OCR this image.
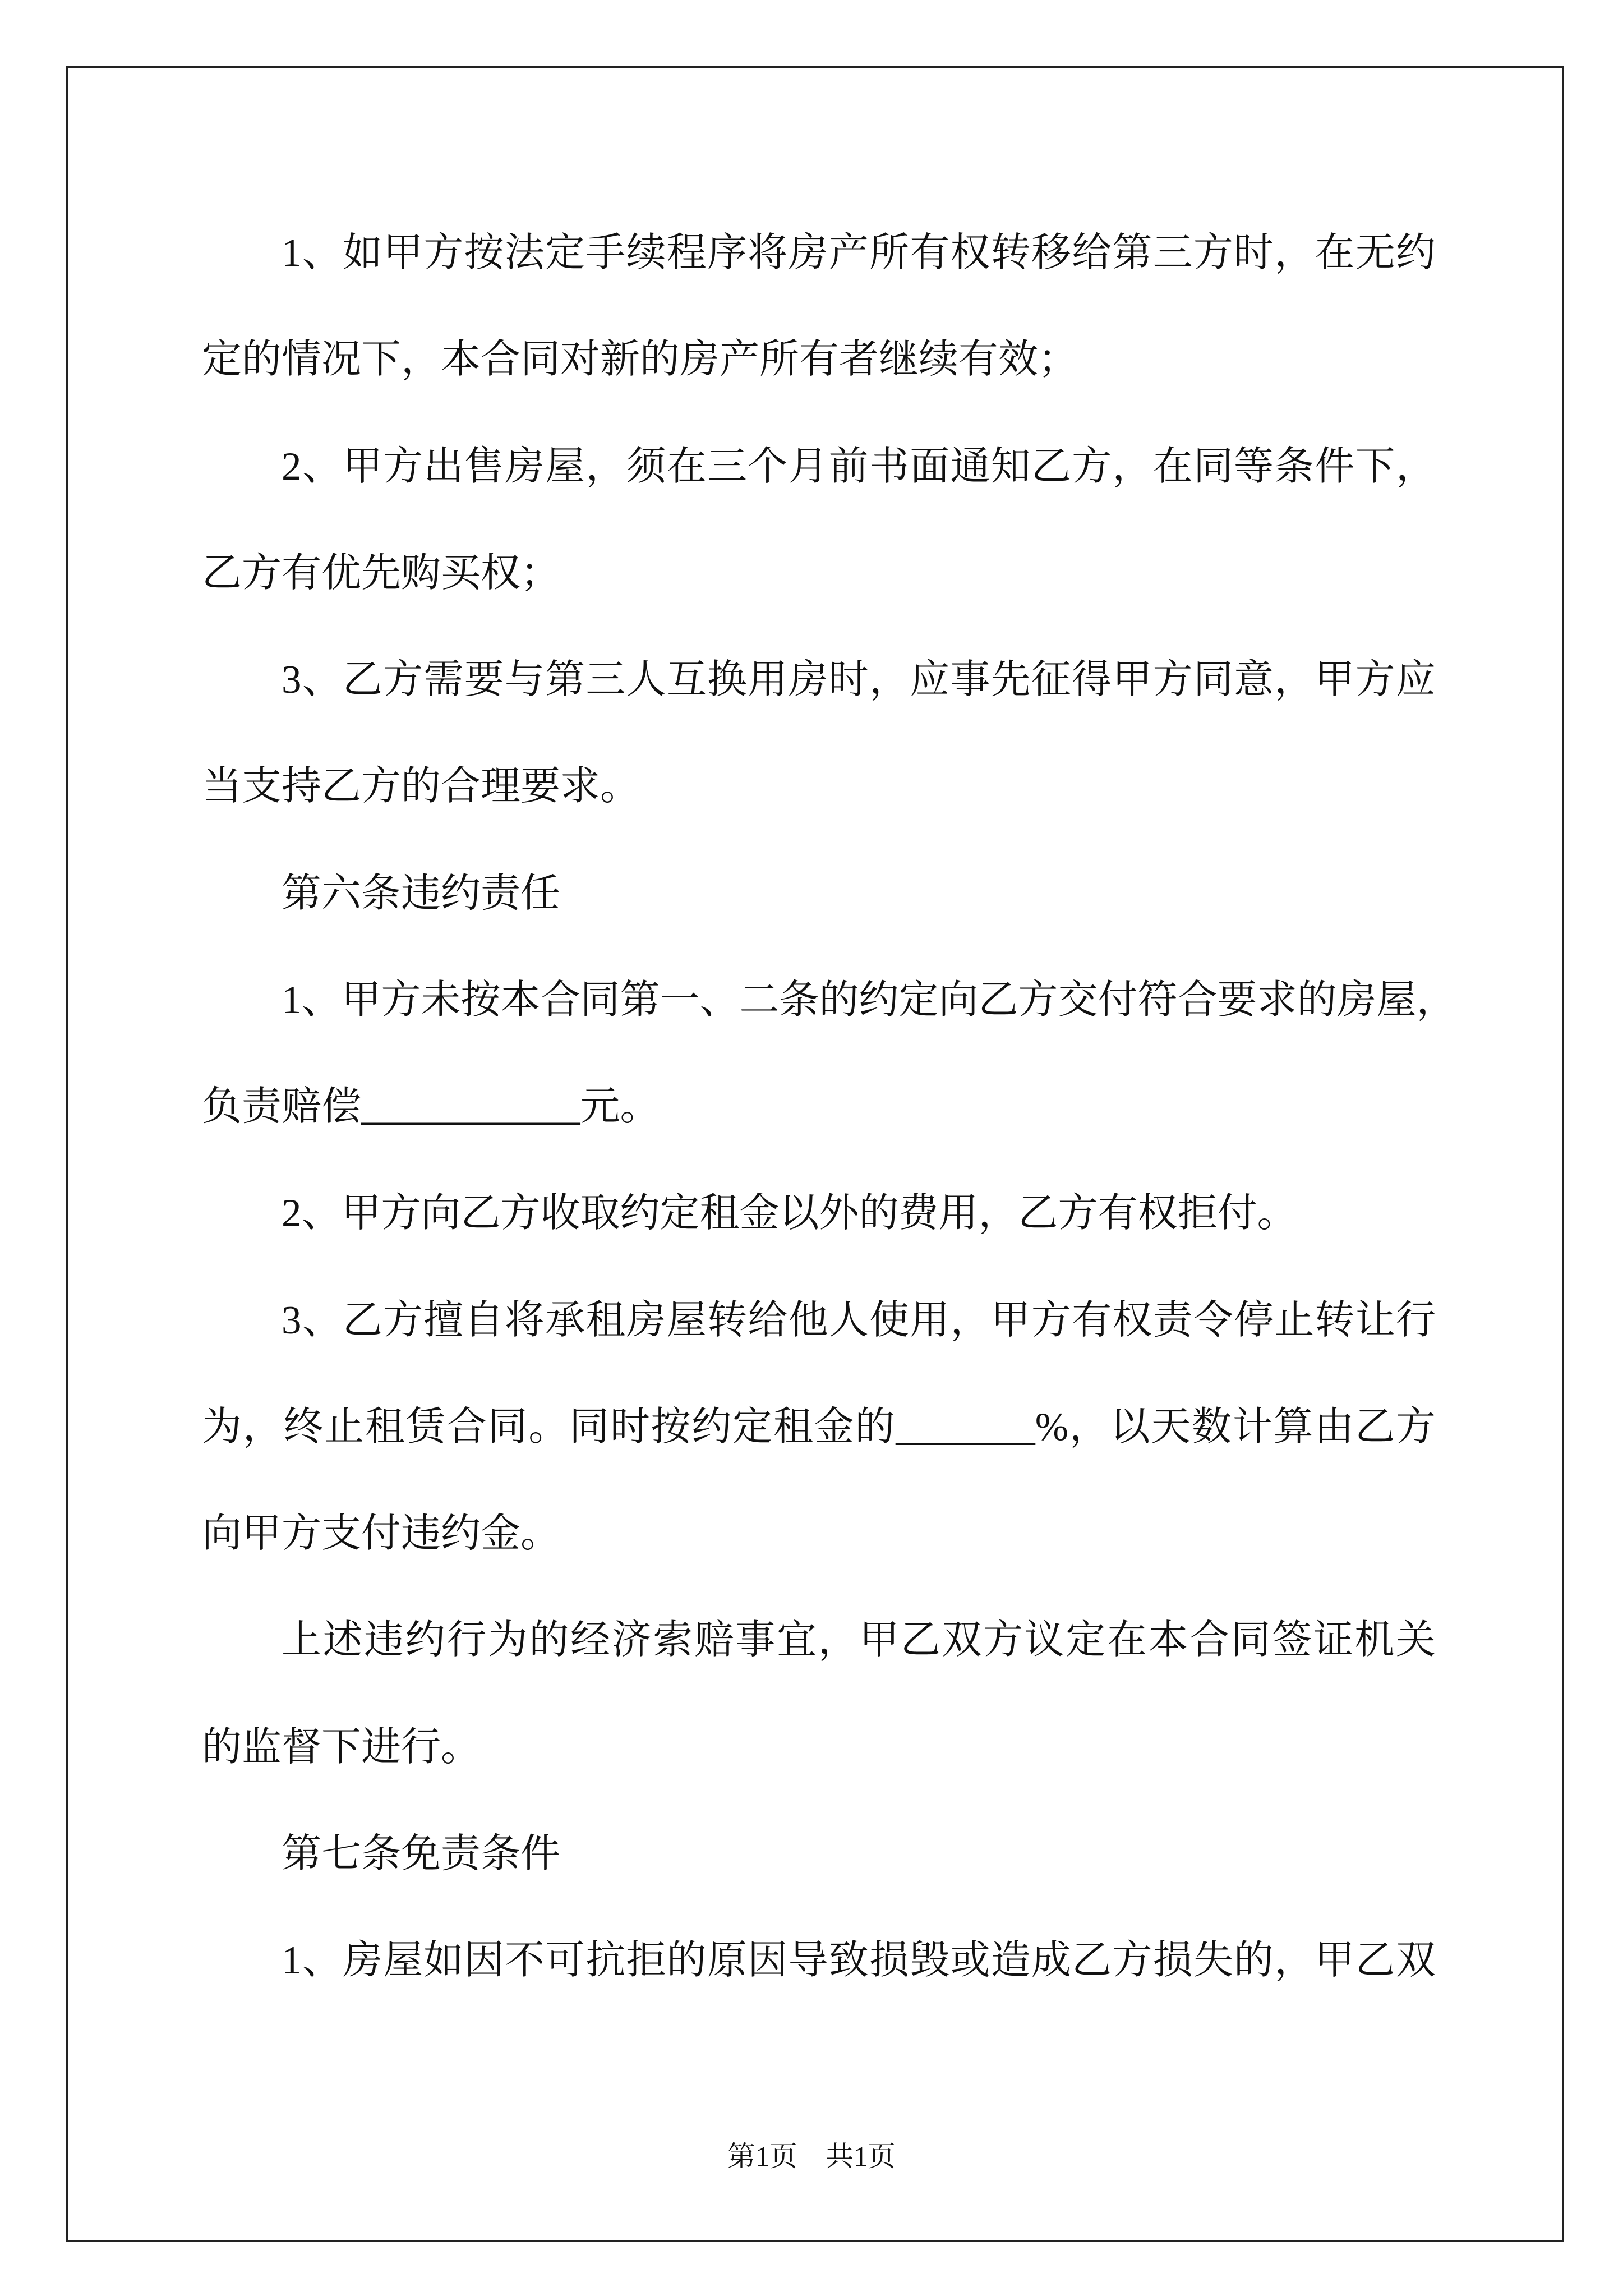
1、如甲方按法定手续程序将房产所有权转移给第三方时，在无约
定的情况下，本合同对新的房产所有者继续有效；
2、甲方出售房屋，须在三个月前书面通知乙方，在同等条件下，
乙方有优先购买权；
3、乙方需要与第三人互换用房时，应事先征得甲方同意，甲方应
当支持乙方的合理要求。
第六条违约责任
1、甲方未按本合同第一、二条的约定向乙方交付符合要求的房屋，
负责赔偿___________元。
2、甲方向乙方收取约定租金以外的费用，乙方有权拒付。
3、乙方擅自将承租房屋转给他人使用，甲方有权责令停止转让行
为，终止租赁合同。同时按约定租金的_______%，以天数计算由乙方
向甲方支付违约金。
上述违约行为的经济索赔事宜，甲乙双方议定在本合同签证机关
的监督下进行。
第七条免责条件
1、房屋如因不可抗拒的原因导致损毁或造成乙方损失的，甲乙双
第1页 共1页
